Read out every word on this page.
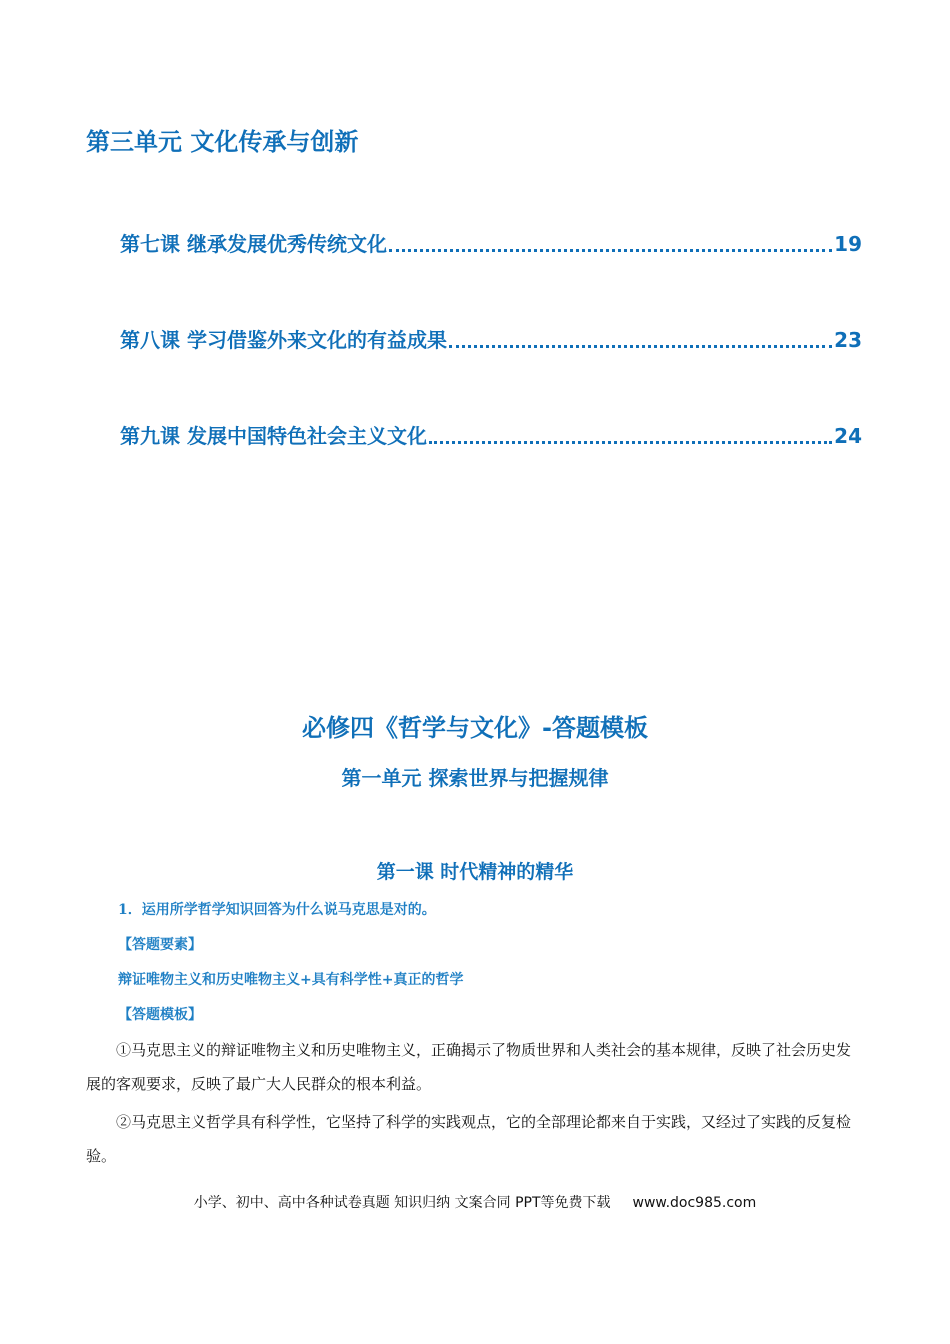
第三单元 文化传承与创新
第七课 继承发展优秀传统文化	19
第八课 学习借鉴外来文化的有益成果	23
第九课 发展中国特色社会主义文化	24
必修四《哲学与文化》-答题模板
第一单元 探索世界与把握规律
第一课 时代精神的精华
1．运用所学哲学知识回答为什么说马克思是对的。
【答题要素】
辩证唯物主义和历史唯物主义+具有科学性+真正的哲学
【答题模板】
①马克思主义的辩证唯物主义和历史唯物主义，正确揭示了物质世界和人类社会的基本规律，反映了社会历史发展的客观要求，反映了最广大人民群众的根本利益。
②马克思主义哲学具有科学性，它坚持了科学的实践观点，它的全部理论都来自于实践，又经过了实践的反复检验。
小学、初中、高中各种试卷真题 知识归纳 文案合同 PPT等免费下载 www.doc985.com
